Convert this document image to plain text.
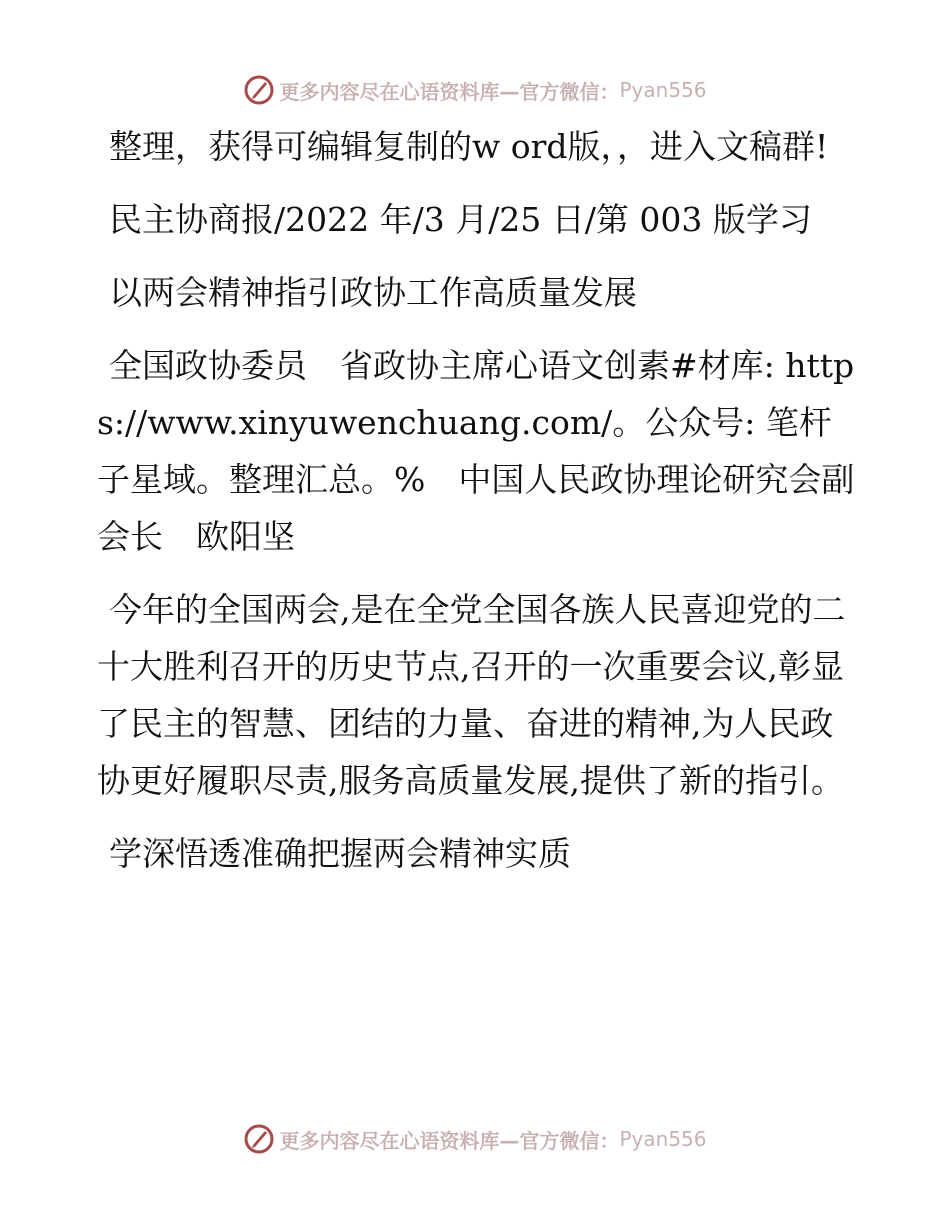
更多内容尽在心语资料库—官方微信： Pyan556

整理，获得可编辑复制的w ord版，，进入文稿群!

民主协商报/2022 年/3 月/25 日/第 003 版学习

以两会精神指引政协工作高质量发展

全国政协委员　省政协主席心语文创素#材库: https://www.xinyuwenchuang.com/。公众号: 笔杆子星域。整理汇总。%　中国人民政协理论研究会副会长　欧阳坚

今年的全国两会,是在全党全国各族人民喜迎党的二十大胜利召开的历史节点,召开的一次重要会议,彰显了民主的智慧、团结的力量、奋进的精神,为人民政协更好履职尽责,服务高质量发展,提供了新的指引。

学深悟透准确把握两会精神实质

更多内容尽在心语资料库—官方微信： Pyan556
